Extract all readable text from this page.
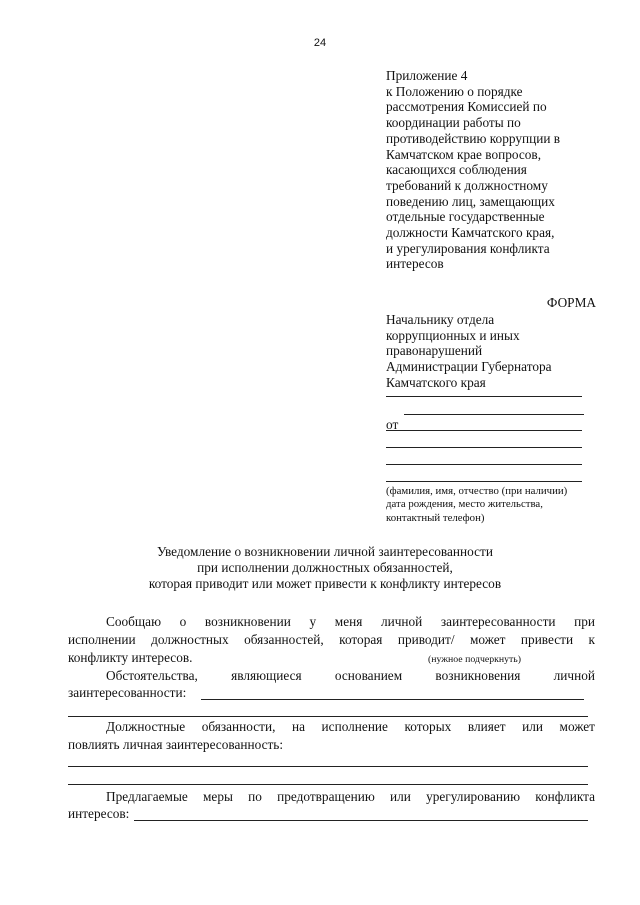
24
Приложение 4
к Положению о порядке
рассмотрения Комиссией по
координации работы по
противодействию коррупции в
Камчатском крае вопросов,
касающихся соблюдения
требований к должностному
поведению лиц, замещающих
отдельные государственные
должности Камчатского края,
и урегулирования конфликта
интересов
ФОРМА
Начальнику отдела
коррупционных и иных
правонарушений
Администрации Губернатора
Камчатского края
от
(фамилия, имя, отчество (при наличии)
дата рождения, место жительства,
контактный телефон)
Уведомление о возникновении личной заинтересованности
при исполнении должностных обязанностей,
которая приводит или может привести к конфликту интересов
Сообщаю о возникновении у меня личной заинтересованности при
исполнении должностных обязанностей, которая приводит/ может привести к
конфликту интересов.	(нужное подчеркнуть)
Обстоятельства, являющиеся основанием возникновения личной
заинтересованности:
Должностные обязанности, на исполнение которых влияет или может
повлиять личная заинтересованность:
Предлагаемые меры по предотвращению или урегулированию конфликта
интересов:
